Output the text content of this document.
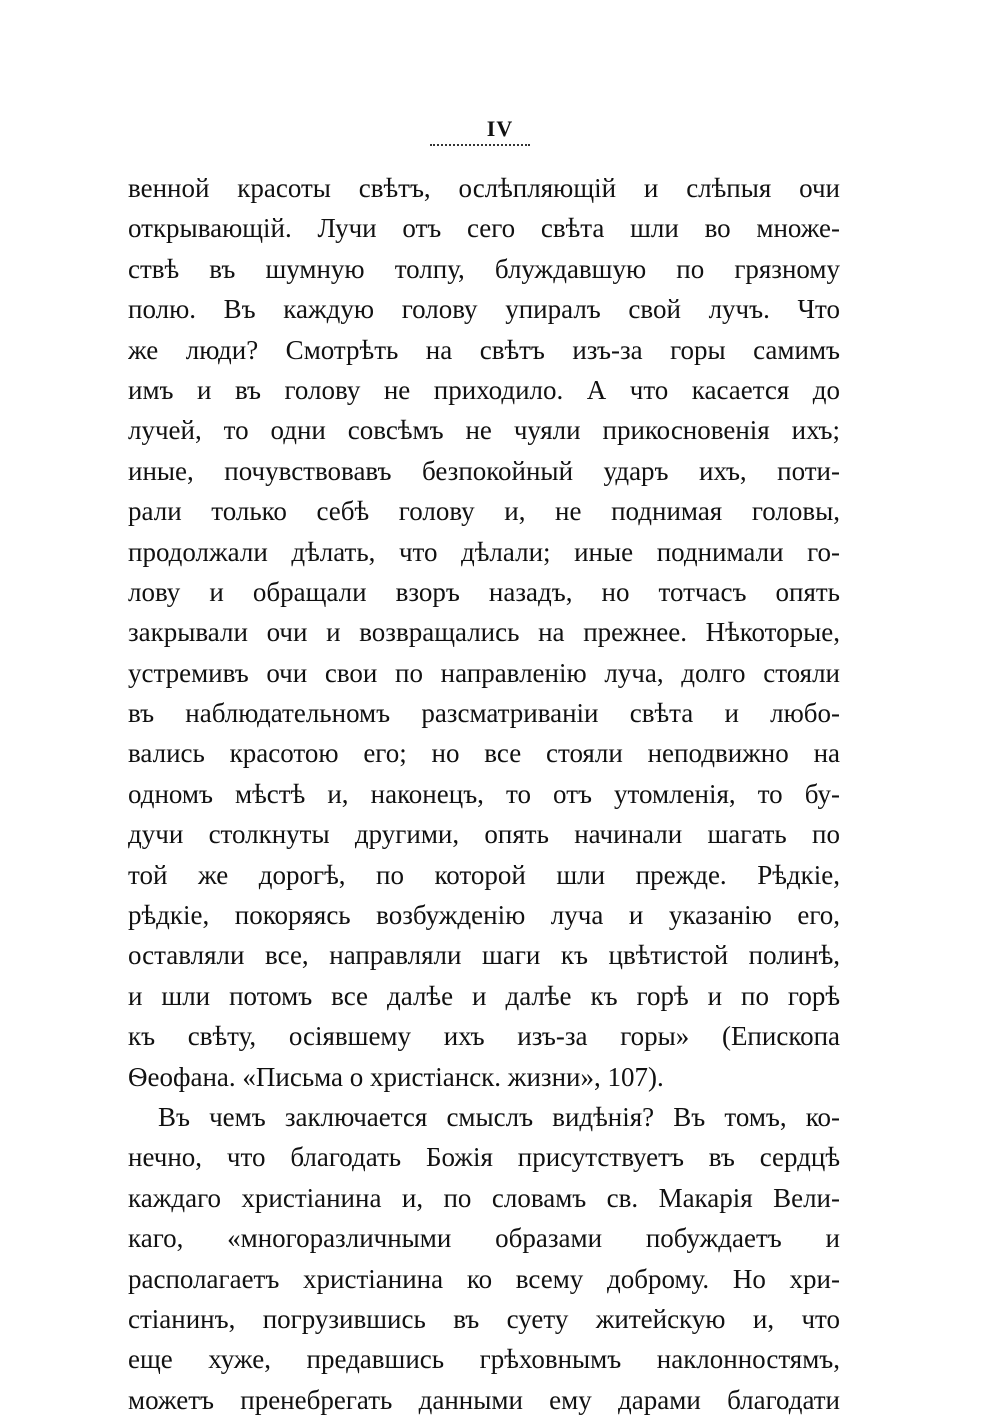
IV
венной красоты свѣтъ, ослѣпляющій и слѣпыя очи
открывающій. Лучи отъ сего свѣта шли во множе-
ствѣ въ шумную толпу, блуждавшую по грязному
полю. Въ каждую голову упиралъ свой лучъ. Что
же люди? Смотрѣть на свѣтъ изъ-за горы самимъ
имъ и въ голову не приходило. А что касается до
лучей, то одни совсѣмъ не чуяли прикосновенія ихъ;
иные, почувствовавъ безпокойный ударъ ихъ, поти-
рали только себѣ голову и, не поднимая головы,
продолжали дѣлать, что дѣлали; иные поднимали го-
лову и обращали взоръ назадъ, но тотчасъ опять
закрывали очи и возвращались на прежнее. Нѣкоторые,
устремивъ очи свои по направленію луча, долго стояли
въ наблюдательномъ разсматриваніи свѣта и любо-
вались красотою его; но все стояли неподвижно на
одномъ мѣстѣ и, наконецъ, то отъ утомленія, то бу-
дучи столкнуты другими, опять начинали шагать по
той же дорогѣ, по которой шли прежде. Рѣдкіе,
рѣдкіе, покоряясь возбужденію луча и указанію его,
оставляли все, направляли шаги къ цвѣтистой полинѣ,
и шли потомъ все далѣе и далѣе къ горѣ и по горѣ
къ свѣту, осіявшему ихъ изъ-за горы» (Епископа
Ѳеофана. «Письма о христіанск. жизни», 107).
Въ чемъ заключается смыслъ видѣнія? Въ томъ, ко-
нечно, что благодать Божія присутствуетъ въ сердцѣ
каждаго христіанина и, по словамъ св. Макарія Вели-
каго, «многоразличными образами побуждаетъ и
располагаетъ христіанина ко всему доброму. Но хри-
стіанинъ, погрузившись въ суету житейскую и, что
еще хуже, предавшись грѣховнымъ наклонностямъ,
можетъ пренебрегать данными ему дарами благодати
